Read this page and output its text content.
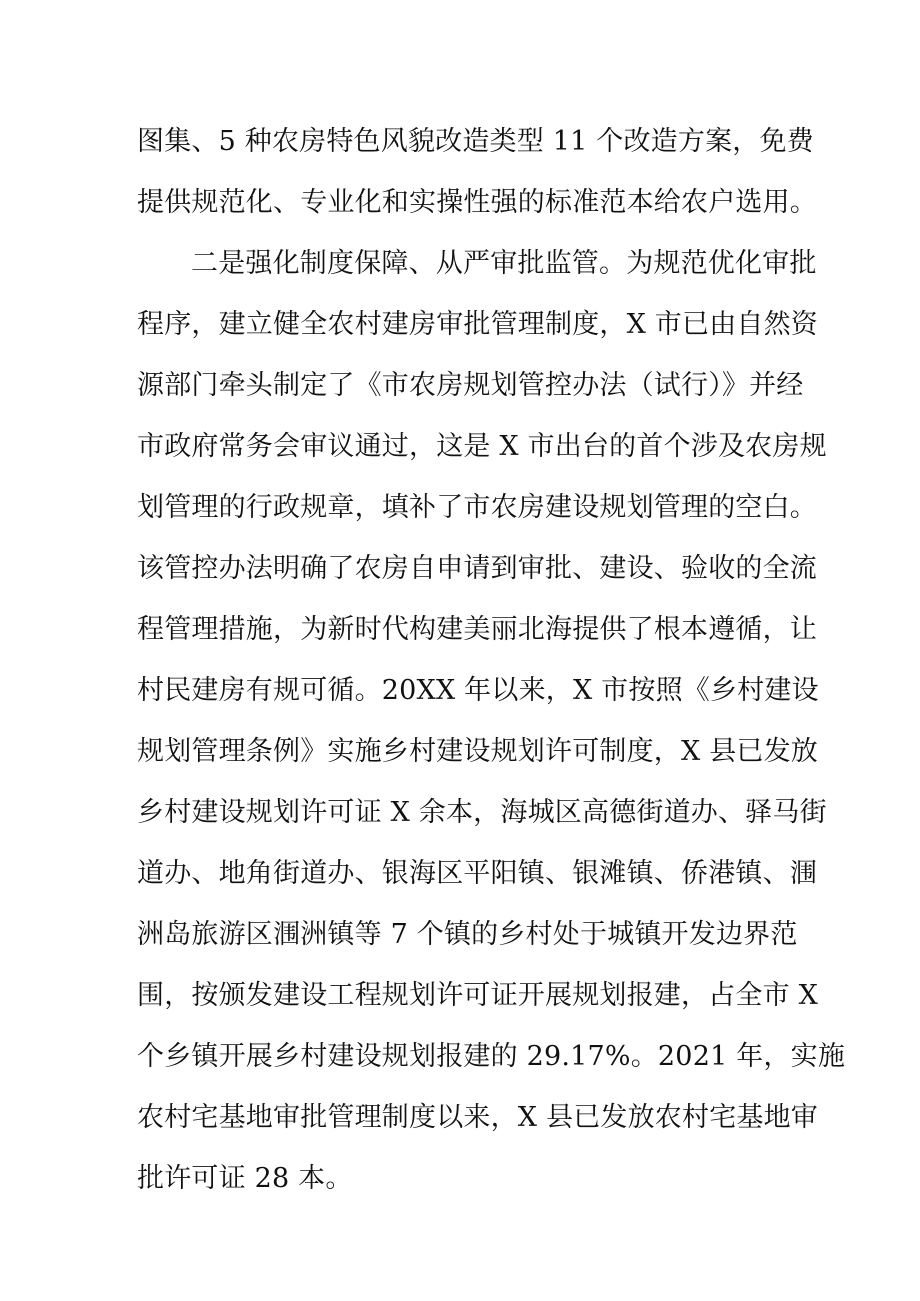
图集、5 种农房特色风貌改造类型 11 个改造方案，免费
提供规范化、专业化和实操性强的标准范本给农户选用。
二是强化制度保障、从严审批监管。为规范优化审批
程序，建立健全农村建房审批管理制度，X 市已由自然资
源部门牵头制定了《市农房规划管控办法（试行）》并经
市政府常务会审议通过，这是 X 市出台的首个涉及农房规
划管理的行政规章，填补了市农房建设规划管理的空白。
该管控办法明确了农房自申请到审批、建设、验收的全流
程管理措施，为新时代构建美丽北海提供了根本遵循，让
村民建房有规可循。20XX 年以来，X 市按照《乡村建设
规划管理条例》实施乡村建设规划许可制度，X 县已发放
乡村建设规划许可证 X 余本，海城区高德街道办、驿马街
道办、地角街道办、银海区平阳镇、银滩镇、侨港镇、涠
洲岛旅游区涠洲镇等 7 个镇的乡村处于城镇开发边界范
围，按颁发建设工程规划许可证开展规划报建，占全市 X
个乡镇开展乡村建设规划报建的 29.17%。2021 年，实施
农村宅基地审批管理制度以来，X 县已发放农村宅基地审
批许可证 28 本。
